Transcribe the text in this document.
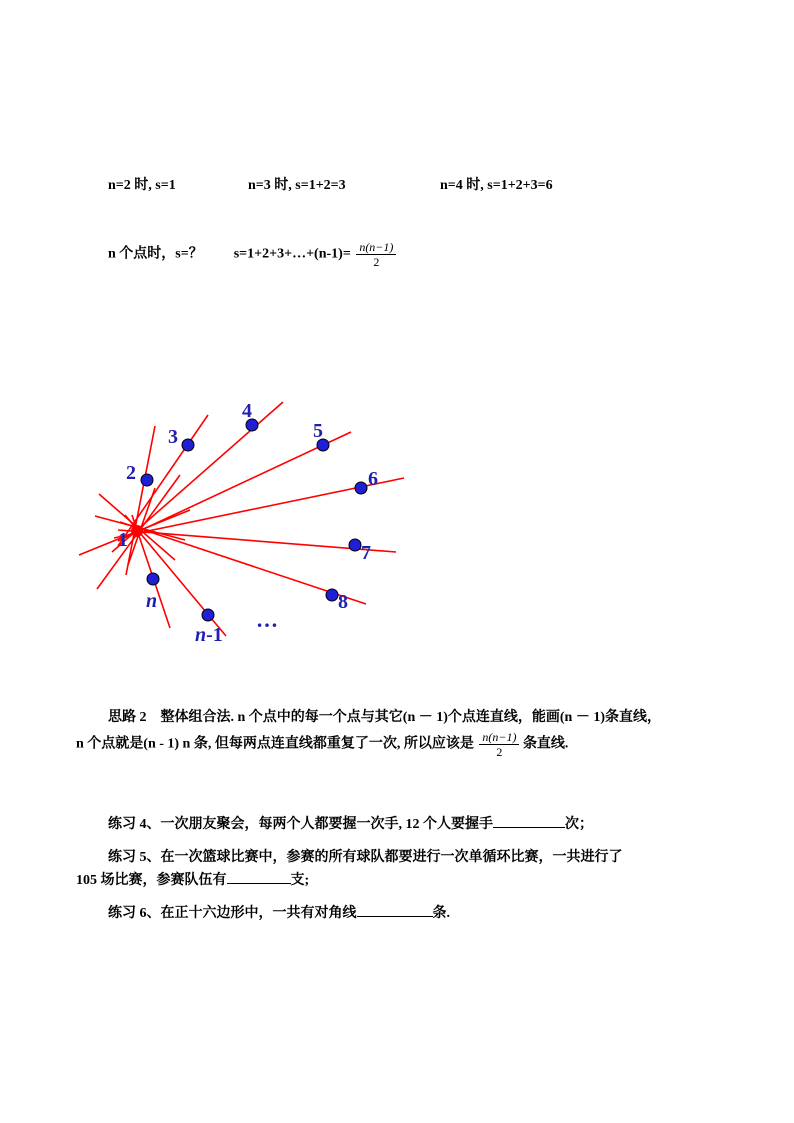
n=2 时, s=1	n=3 时, s=1+2=3	n=4 时, s=1+2+3=6
n 个点时，s=？ s=1+2+3+…+(n-1)= $\frac{n(n-1)}{2}$
1
2
3
4
5
6
7
8
n
n-1
…
思路 2　整体组合法. n 个点中的每一个点与其它(n － 1)个点连直线，能画(n － 1)条直线，
n 个点就是(n - 1) n 条, 但每两点连直线都重复了一次, 所以应该是 $\frac{n(n-1)}{2}$ 条直线.
练习 4、一次朋友聚会，每两个人都要握一次手, 12 个人要握手	次；
练习 5、在一次篮球比赛中，参赛的所有球队都要进行一次单循环比赛，一共进行了
105 场比赛，参赛队伍有	支;
练习 6、在正十六边形中，一共有对角线	条.
